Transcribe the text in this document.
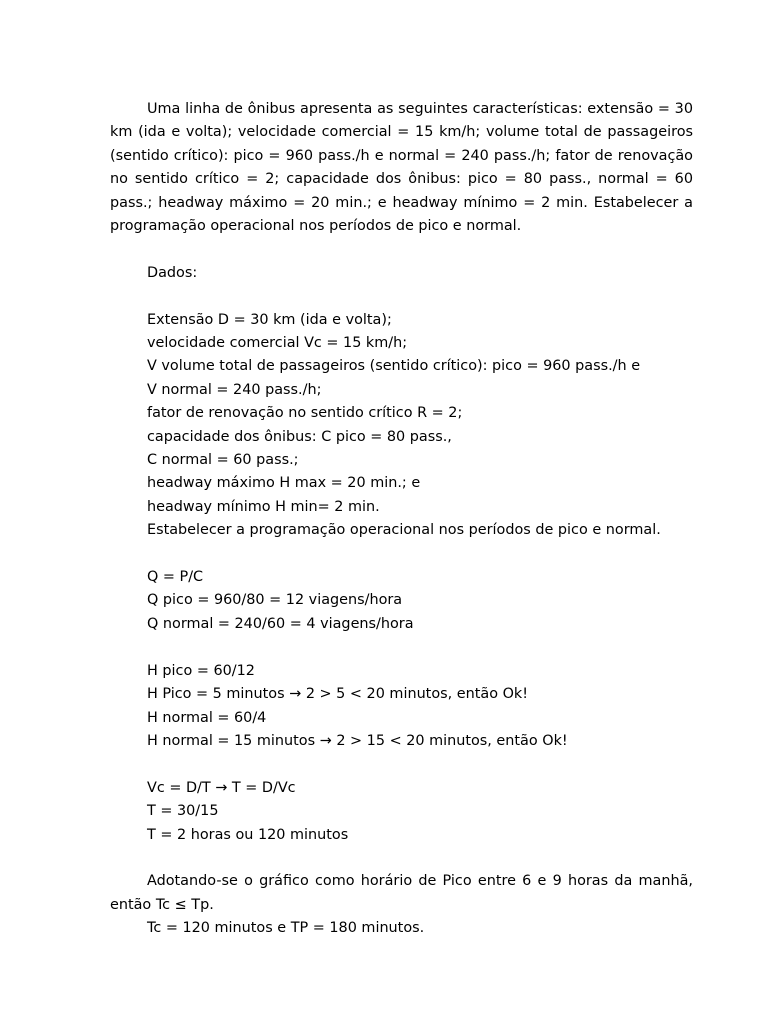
Uma linha de ônibus apresenta as seguintes características: extensão = 30 km (ida e volta); velocidade comercial = 15 km/h; volume total de passageiros (sentido crítico): pico = 960 pass./h e normal = 240 pass./h; fator de renovação no sentido crítico = 2; capacidade dos ônibus: pico = 80 pass., normal = 60 pass.; headway máximo = 20 min.; e headway mínimo = 2 min. Estabelecer a programação operacional nos períodos de pico e normal.

Dados:

Extensão D = 30 km (ida e volta);

velocidade comercial Vc = 15 km/h;

V volume total de passageiros (sentido crítico): pico = 960 pass./h e

V normal = 240 pass./h;

fator de renovação no sentido crítico R = 2;

capacidade dos ônibus: C pico = 80 pass.,

C normal = 60 pass.;

headway máximo H max = 20 min.; e

headway mínimo H min= 2 min.

Estabelecer a programação operacional nos períodos de pico e normal.

Q = P/C

Q pico = 960/80 = 12 viagens/hora

Q normal = 240/60 = 4 viagens/hora

H pico = 60/12

H Pico = 5 minutos → 2 > 5 < 20 minutos, então Ok!

H normal = 60/4

H normal = 15 minutos → 2 > 15 < 20 minutos, então Ok!

Vc = D/T → T = D/Vc

T = 30/15

T = 2 horas ou 120 minutos

Adotando-se o gráfico como horário de Pico entre 6 e 9 horas da manhã, então Tc ≤ Tp.

Tc = 120 minutos e TP = 180 minutos.
